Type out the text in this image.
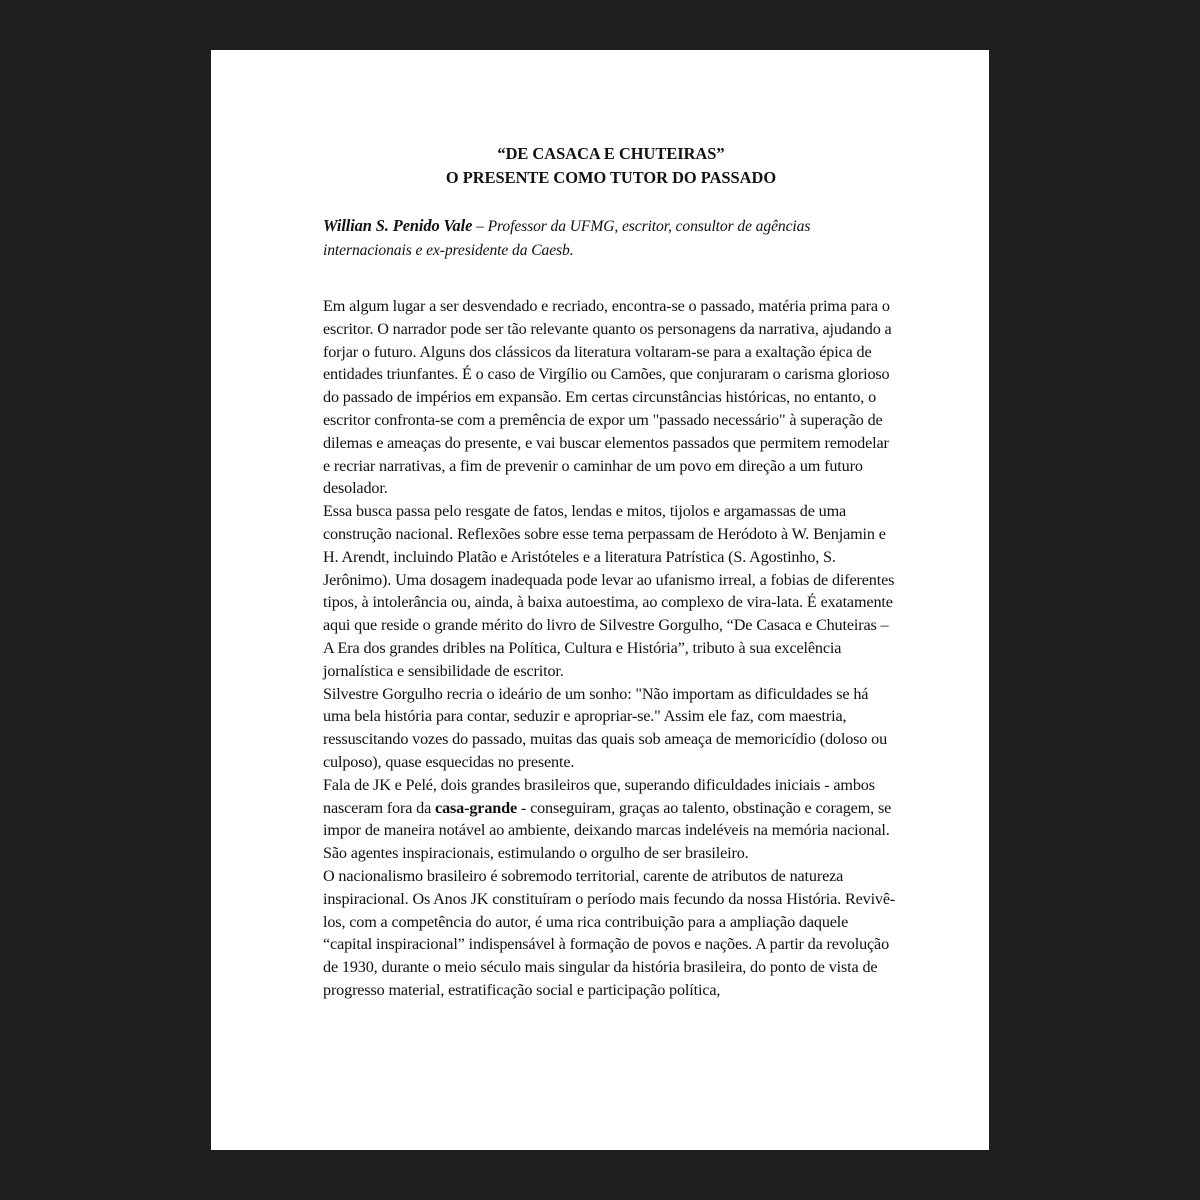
“DE CASACA E CHUTEIRAS”
O PRESENTE COMO TUTOR DO PASSADO

Willian S. Penido Vale – Professor da UFMG, escritor, consultor de agências internacionais e ex-presidente da Caesb.

Em algum lugar a ser desvendado e recriado, encontra-se o passado, matéria prima para o escritor. O narrador pode ser tão relevante quanto os personagens da narrativa, ajudando a forjar o futuro. Alguns dos clássicos da literatura voltaram-se para a exaltação épica de entidades triunfantes. É o caso de Virgílio ou Camões, que conjuraram o carisma glorioso do passado de impérios em expansão. Em certas circunstâncias históricas, no entanto, o escritor confronta-se com a premência de expor um "passado necessário" à superação de dilemas e ameaças do presente, e vai buscar elementos passados que permitem remodelar e recriar narrativas, a fim de prevenir o caminhar de um povo em direção a um futuro desolador.

Essa busca passa pelo resgate de fatos, lendas e mitos, tijolos e argamassas de uma construção nacional. Reflexões sobre esse tema perpassam de Heródoto à W. Benjamin e H. Arendt, incluindo Platão e Aristóteles e a literatura Patrística (S. Agostinho, S. Jerônimo). Uma dosagem inadequada pode levar ao ufanismo irreal, a fobias de diferentes tipos, à intolerância ou, ainda, à baixa autoestima, ao complexo de vira-lata. É exatamente aqui que reside o grande mérito do livro de Silvestre Gorgulho, “De Casaca e Chuteiras – A Era dos grandes dribles na Política, Cultura e História”, tributo à sua excelência jornalística e sensibilidade de escritor.

Silvestre Gorgulho recria o ideário de um sonho: "Não importam as dificuldades se há uma bela história para contar, seduzir e apropriar-se." Assim ele faz, com maestria, ressuscitando vozes do passado, muitas das quais sob ameaça de memoricídio (doloso ou culposo), quase esquecidas no presente.

Fala de JK e Pelé, dois grandes brasileiros que, superando dificuldades iniciais - ambos nasceram fora da casa-grande - conseguiram, graças ao talento, obstinação e coragem, se impor de maneira notável ao ambiente, deixando marcas indeléveis na memória nacional. São agentes inspiracionais, estimulando o orgulho de ser brasileiro.

O nacionalismo brasileiro é sobremodo territorial, carente de atributos de natureza inspiracional. Os Anos JK constituíram o período mais fecundo da nossa História. Revivê-los, com a competência do autor, é uma rica contribuição para a ampliação daquele “capital inspiracional” indispensável à formação de povos e nações. A partir da revolução de 1930, durante o meio século mais singular da história brasileira, do ponto de vista de progresso material, estratificação social e participação política,
